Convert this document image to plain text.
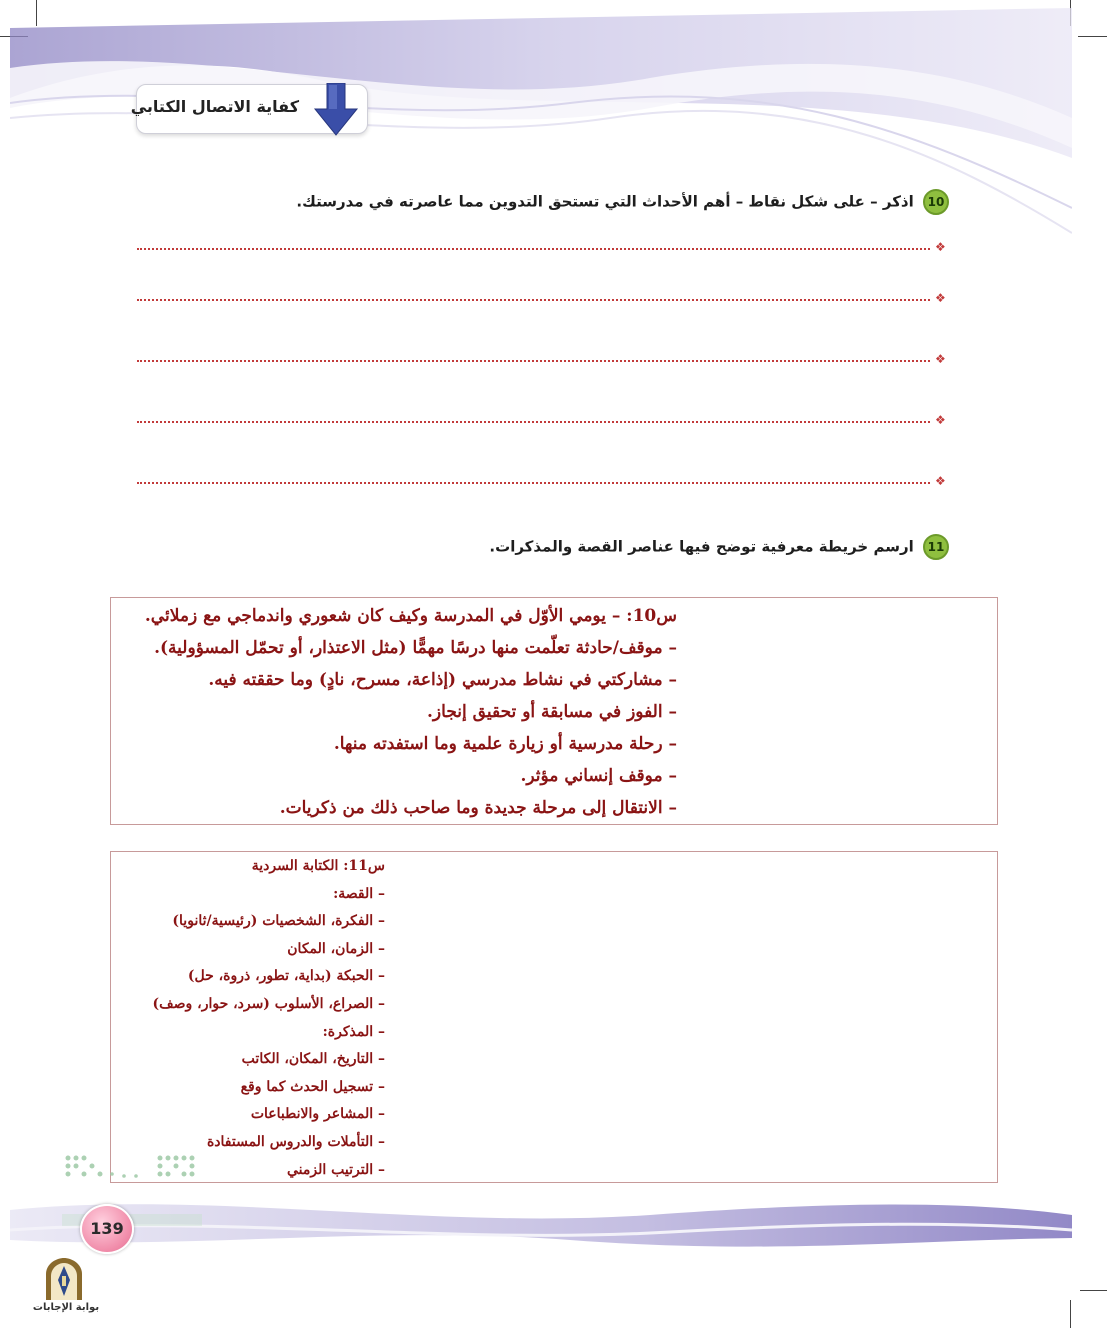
كفاية الاتصال الكتابي
10 اذكر – على شكل نقاط – أهم الأحداث التي تستحق التدوين مما عاصرته في مدرستك.
❖
❖
❖
❖
❖
11 ارسم خريطة معرفية توضح فيها عناصر القصة والمذكرات.
س10: – يومي الأوّل في المدرسة وكيف كان شعوري واندماجي مع زملائي.
– موقف/حادثة تعلّمت منها درسًا مهمًّا (مثل الاعتذار، أو تحمّل المسؤولية).
– مشاركتي في نشاط مدرسي (إذاعة، مسرح، نادٍ) وما حققته فيه.
– الفوز في مسابقة أو تحقيق إنجاز.
– رحلة مدرسية أو زيارة علمية وما استفدته منها.
– موقف إنساني مؤثر.
– الانتقال إلى مرحلة جديدة وما صاحب ذلك من ذكريات.
س11: الكتابة السردية
– القصة:
– الفكرة، الشخصيات (رئيسية/ثانويا)
– الزمان، المكان
– الحبكة (بداية، تطور، ذروة، حل)
– الصراع، الأسلوب (سرد، حوار، وصف)
– المذكرة:
– التاريخ، المكان، الكاتب
– تسجيل الحدث كما وقع
– المشاعر والانطباعات
– التأملات والدروس المستفادة
– الترتيب الزمني
139
بوابة الإجابات
